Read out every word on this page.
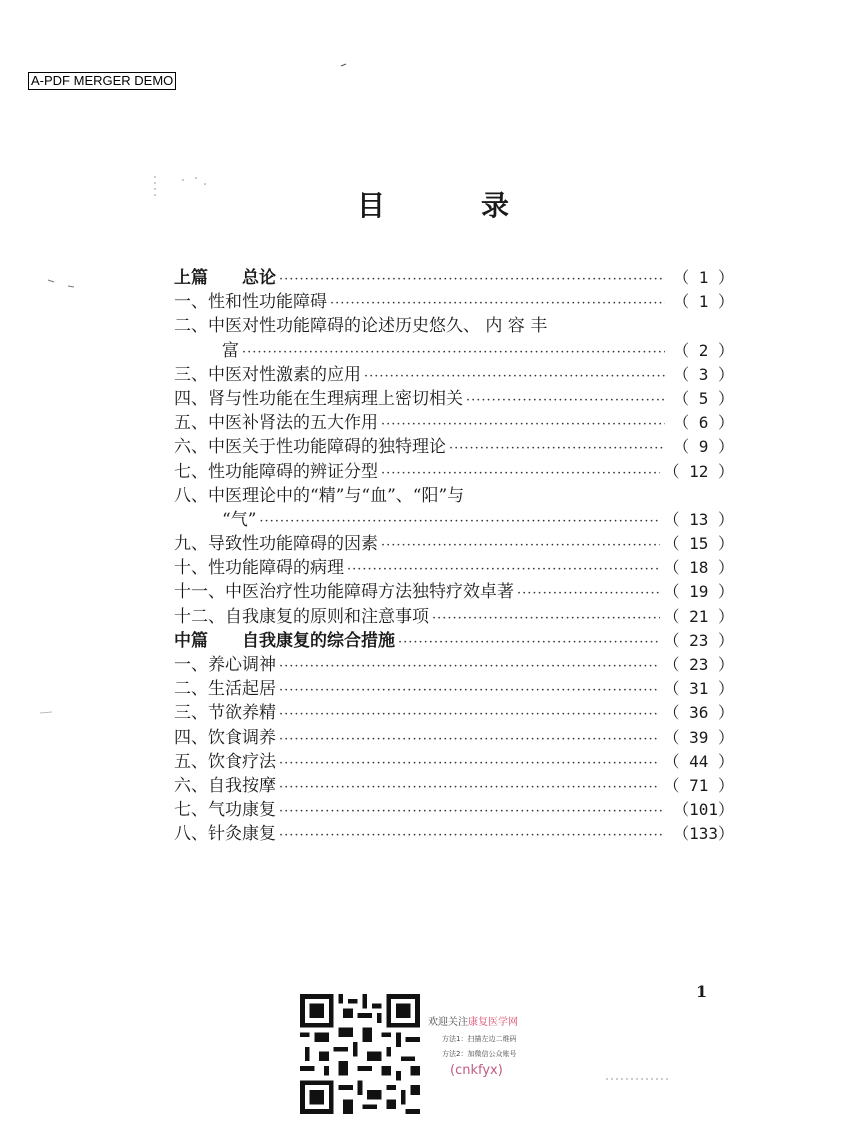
A-PDF MERGER DEMO
目	录
上篇　　总论 ·····	（ 1 ）
一、性和性功能障碍 ·····	（ 1 ）
二、中医对性功能障碍的论述历史悠久、 内 容 丰
富 ·····	（ 2 ）
三、中医对性激素的应用 ·····	（ 3 ）
四、肾与性功能在生理病理上密切相关 ·····	（ 5 ）
五、中医补肾法的五大作用 ·····	（ 6 ）
六、中医关于性功能障碍的独特理论 ·····	（ 9 ）
七、性功能障碍的辨证分型 ·····	（ 12 ）
八、中医理论中的“精”与“血”、“阳”与
“气” ·····	（ 13 ）
九、导致性功能障碍的因素 ·····	（ 15 ）
十、性功能障碍的病理 ·····	（ 18 ）
十一、中医治疗性功能障碍方法独特疗效卓著 ·····	（ 19 ）
十二、自我康复的原则和注意事项 ·····	（ 21 ）
中篇　　自我康复的综合措施 ·····	（ 23 ）
一、养心调神 ·····	（ 23 ）
二、生活起居 ·····	（ 31 ）
三、节欲养精 ·····	（ 36 ）
四、饮食调养 ·····	（ 39 ）
五、饮食疗法 ·····	（ 44 ）
六、自我按摩 ·····	（ 71 ）
七、气功康复 ·····	（101）
八、针灸康复 ·····	（133）
1
欢迎关注康复医学网
方法1：扫描左边二维码
方法2：加微信公众账号
(cnkfyx)
